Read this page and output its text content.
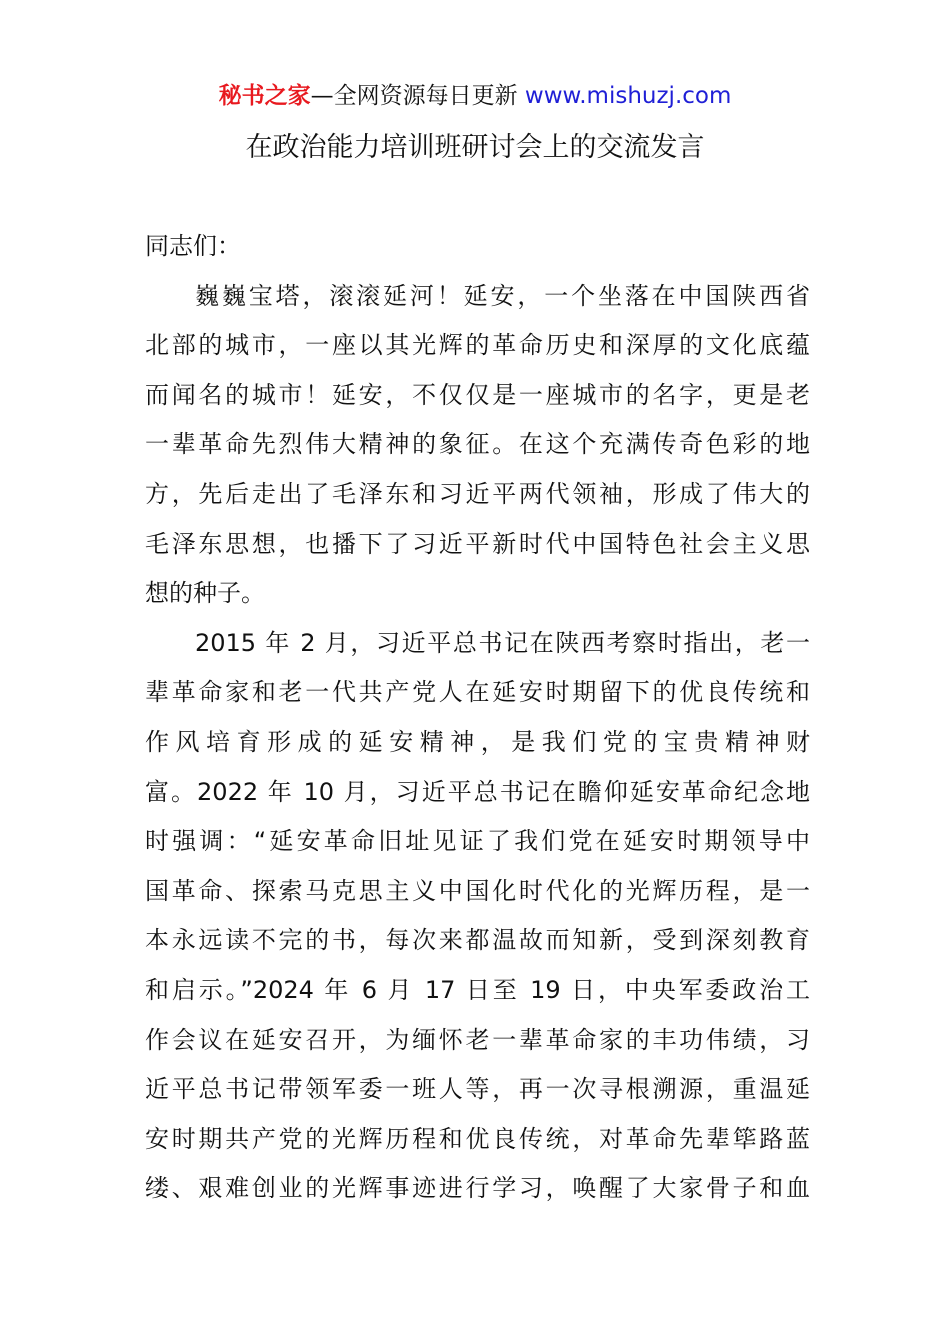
秘书之家—全网资源每日更新 www.mishuzj.com
在政治能力培训班研讨会上的交流发言
同志们：
巍巍宝塔，滚滚延河！延安，一个坐落在中国陕西省
北部的城市，一座以其光辉的革命历史和深厚的文化底蕴
而闻名的城市！延安，不仅仅是一座城市的名字，更是老
一辈革命先烈伟大精神的象征。在这个充满传奇色彩的地
方，先后走出了毛泽东和习近平两代领袖，形成了伟大的
毛泽东思想，也播下了习近平新时代中国特色社会主义思
想的种子。
2015 年 2 月，习近平总书记在陕西考察时指出，老一
辈革命家和老一代共产党人在延安时期留下的优良传统和
作风培育形成的延安精神，是我们党的宝贵精神财
富。2022 年 10 月，习近平总书记在瞻仰延安革命纪念地
时强调：“延安革命旧址见证了我们党在延安时期领导中
国革命、探索马克思主义中国化时代化的光辉历程，是一
本永远读不完的书，每次来都温故而知新，受到深刻教育
和启示。”2024 年 6 月 17 日至 19 日，中央军委政治工
作会议在延安召开，为缅怀老一辈革命家的丰功伟绩，习
近平总书记带领军委一班人等，再一次寻根溯源，重温延
安时期共产党的光辉历程和优良传统，对革命先辈筚路蓝
缕、艰难创业的光辉事迹进行学习，唤醒了大家骨子和血
